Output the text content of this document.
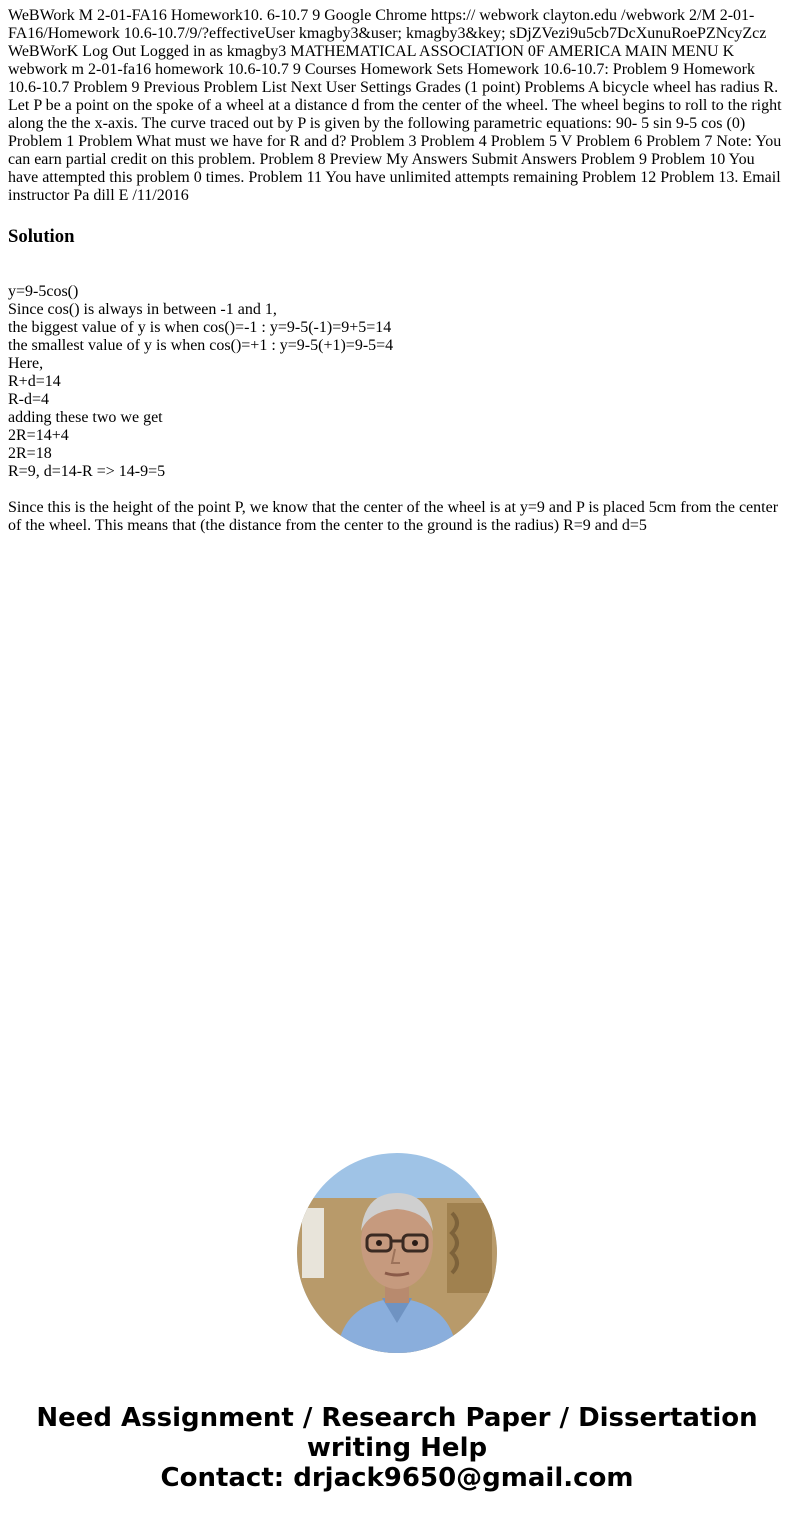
WeBWork M 2-01-FA16 Homework10. 6-10.7 9 Google Chrome https:// webwork clayton.edu /webwork 2/M 2-01-FA16/Homework 10.6-10.7/9/?effectiveUser kmagby3&user; kmagby3&key; sDjZVezi9u5cb7DcXunuRoePZNcyZcz WeBWorK Log Out Logged in as kmagby3 MATHEMATICAL ASSOCIATION 0F AMERICA MAIN MENU K webwork m 2-01-fa16 homework 10.6-10.7 9 Courses Homework Sets Homework 10.6-10.7: Problem 9 Homework 10.6-10.7 Problem 9 Previous Problem List Next User Settings Grades (1 point) Problems A bicycle wheel has radius R. Let P be a point on the spoke of a wheel at a distance d from the center of the wheel. The wheel begins to roll to the right along the the x-axis. The curve traced out by P is given by the following parametric equations: 90- 5 sin 9-5 cos (0) Problem 1 Problem What must we have for R and d? Problem 3 Problem 4 Problem 5 V Problem 6 Problem 7 Note: You can earn partial credit on this problem. Problem 8 Preview My Answers Submit Answers Problem 9 Problem 10 You have attempted this problem 0 times. Problem 11 You have unlimited attempts remaining Problem 12 Problem 13. Email instructor Pa dill E /11/2016

Solution
y=9-5cos()
Since cos() is always in between -1 and 1,
the biggest value of y is when cos()=-1 : y=9-5(-1)=9+5=14
the smallest value of y is when cos()=+1 : y=9-5(+1)=9-5=4
Here,
R+d=14
R-d=4
adding these two we get
2R=14+4
2R=18
R=9, d=14-R => 14-9=5
Since this is the height of the point P, we know that the center of the wheel is at y=9 and P is placed 5cm from the center of the wheel. This means that (the distance from the center to the ground is the radius) R=9 and d=5

Need Assignment / Research Paper / Dissertation writing Help
Contact: drjack9650@gmail.com
